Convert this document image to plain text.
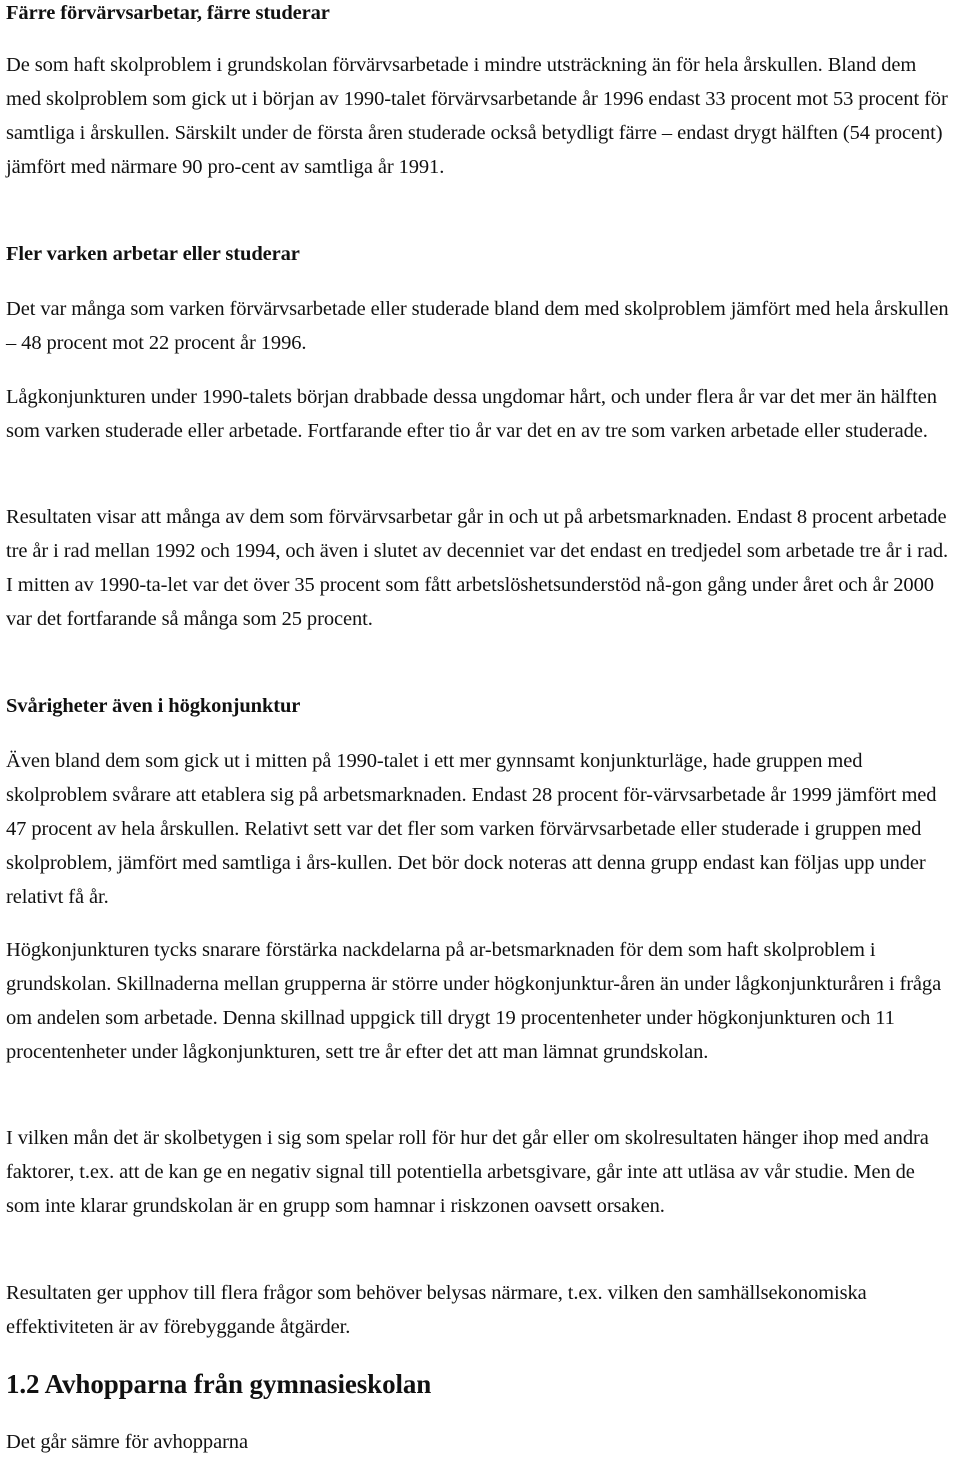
Färre förvärvsarbetar, färre studerar

De som haft skolproblem i grundskolan förvärvsarbetade i mindre utsträckning än för hela årskullen. Bland dem med skolproblem som gick ut i början av 1990-talet förvärvsarbetande år 1996 endast 33 procent mot 53 procent för samtliga i årskullen. Särskilt under de första åren studerade också betydligt färre – endast drygt hälften (54 procent) jämfört med närmare 90 pro-cent av samtliga år 1991.

Fler varken arbetar eller studerar

Det var många som varken förvärvsarbetade eller studerade bland dem med skolproblem jämfört med hela årskullen – 48 procent mot 22 procent år 1996.

Lågkonjunkturen under 1990-talets början drabbade dessa ungdomar hårt, och under flera år var det mer än hälften som varken studerade eller arbetade. Fortfarande efter tio år var det en av tre som varken arbetade eller studerade.

Resultaten visar att många av dem som förvärvsarbetar går in och ut på arbetsmarknaden. Endast 8 procent arbetade tre år i rad mellan 1992 och 1994, och även i slutet av decenniet var det endast en tredjedel som arbetade tre år i rad. I mitten av 1990-ta-let var det över 35 procent som fått arbetslöshetsunderstöd nå-gon gång under året och år 2000 var det fortfarande så många som 25 procent.

Svårigheter även i högkonjunktur

Även bland dem som gick ut i mitten på 1990-talet i ett mer gynnsamt konjunkturläge, hade gruppen med skolproblem svårare att etablera sig på arbetsmarknaden. Endast 28 procent för-värvsarbetade år 1999 jämfört med 47 procent av hela årskullen. Relativt sett var det fler som varken förvärvsarbetade eller studerade i gruppen med skolproblem, jämfört med samtliga i års-kullen. Det bör dock noteras att denna grupp endast kan följas upp under relativt få år.

Högkonjunkturen tycks snarare förstärka nackdelarna på ar-betsmarknaden för dem som haft skolproblem i grundskolan. Skillnaderna mellan grupperna är större under högkonjunktur-åren än under lågkonjunkturåren i fråga om andelen som arbetade. Denna skillnad uppgick till drygt 19 procentenheter under högkonjunkturen och 11 procentenheter under lågkonjunkturen, sett tre år efter det att man lämnat grundskolan.

I vilken mån det är skolbetygen i sig som spelar roll för hur det går eller om skolresultaten hänger ihop med andra faktorer, t.ex. att de kan ge en negativ signal till potentiella arbetsgivare, går inte att utläsa av vår studie. Men de som inte klarar grundskolan är en grupp som hamnar i riskzonen oavsett orsaken.

Resultaten ger upphov till flera frågor som behöver belysas närmare, t.ex. vilken den samhällsekonomiska effektiviteten är av förebyggande åtgärder.

1.2 Avhopparna från gymnasieskolan

Det går sämre för avhopparna
